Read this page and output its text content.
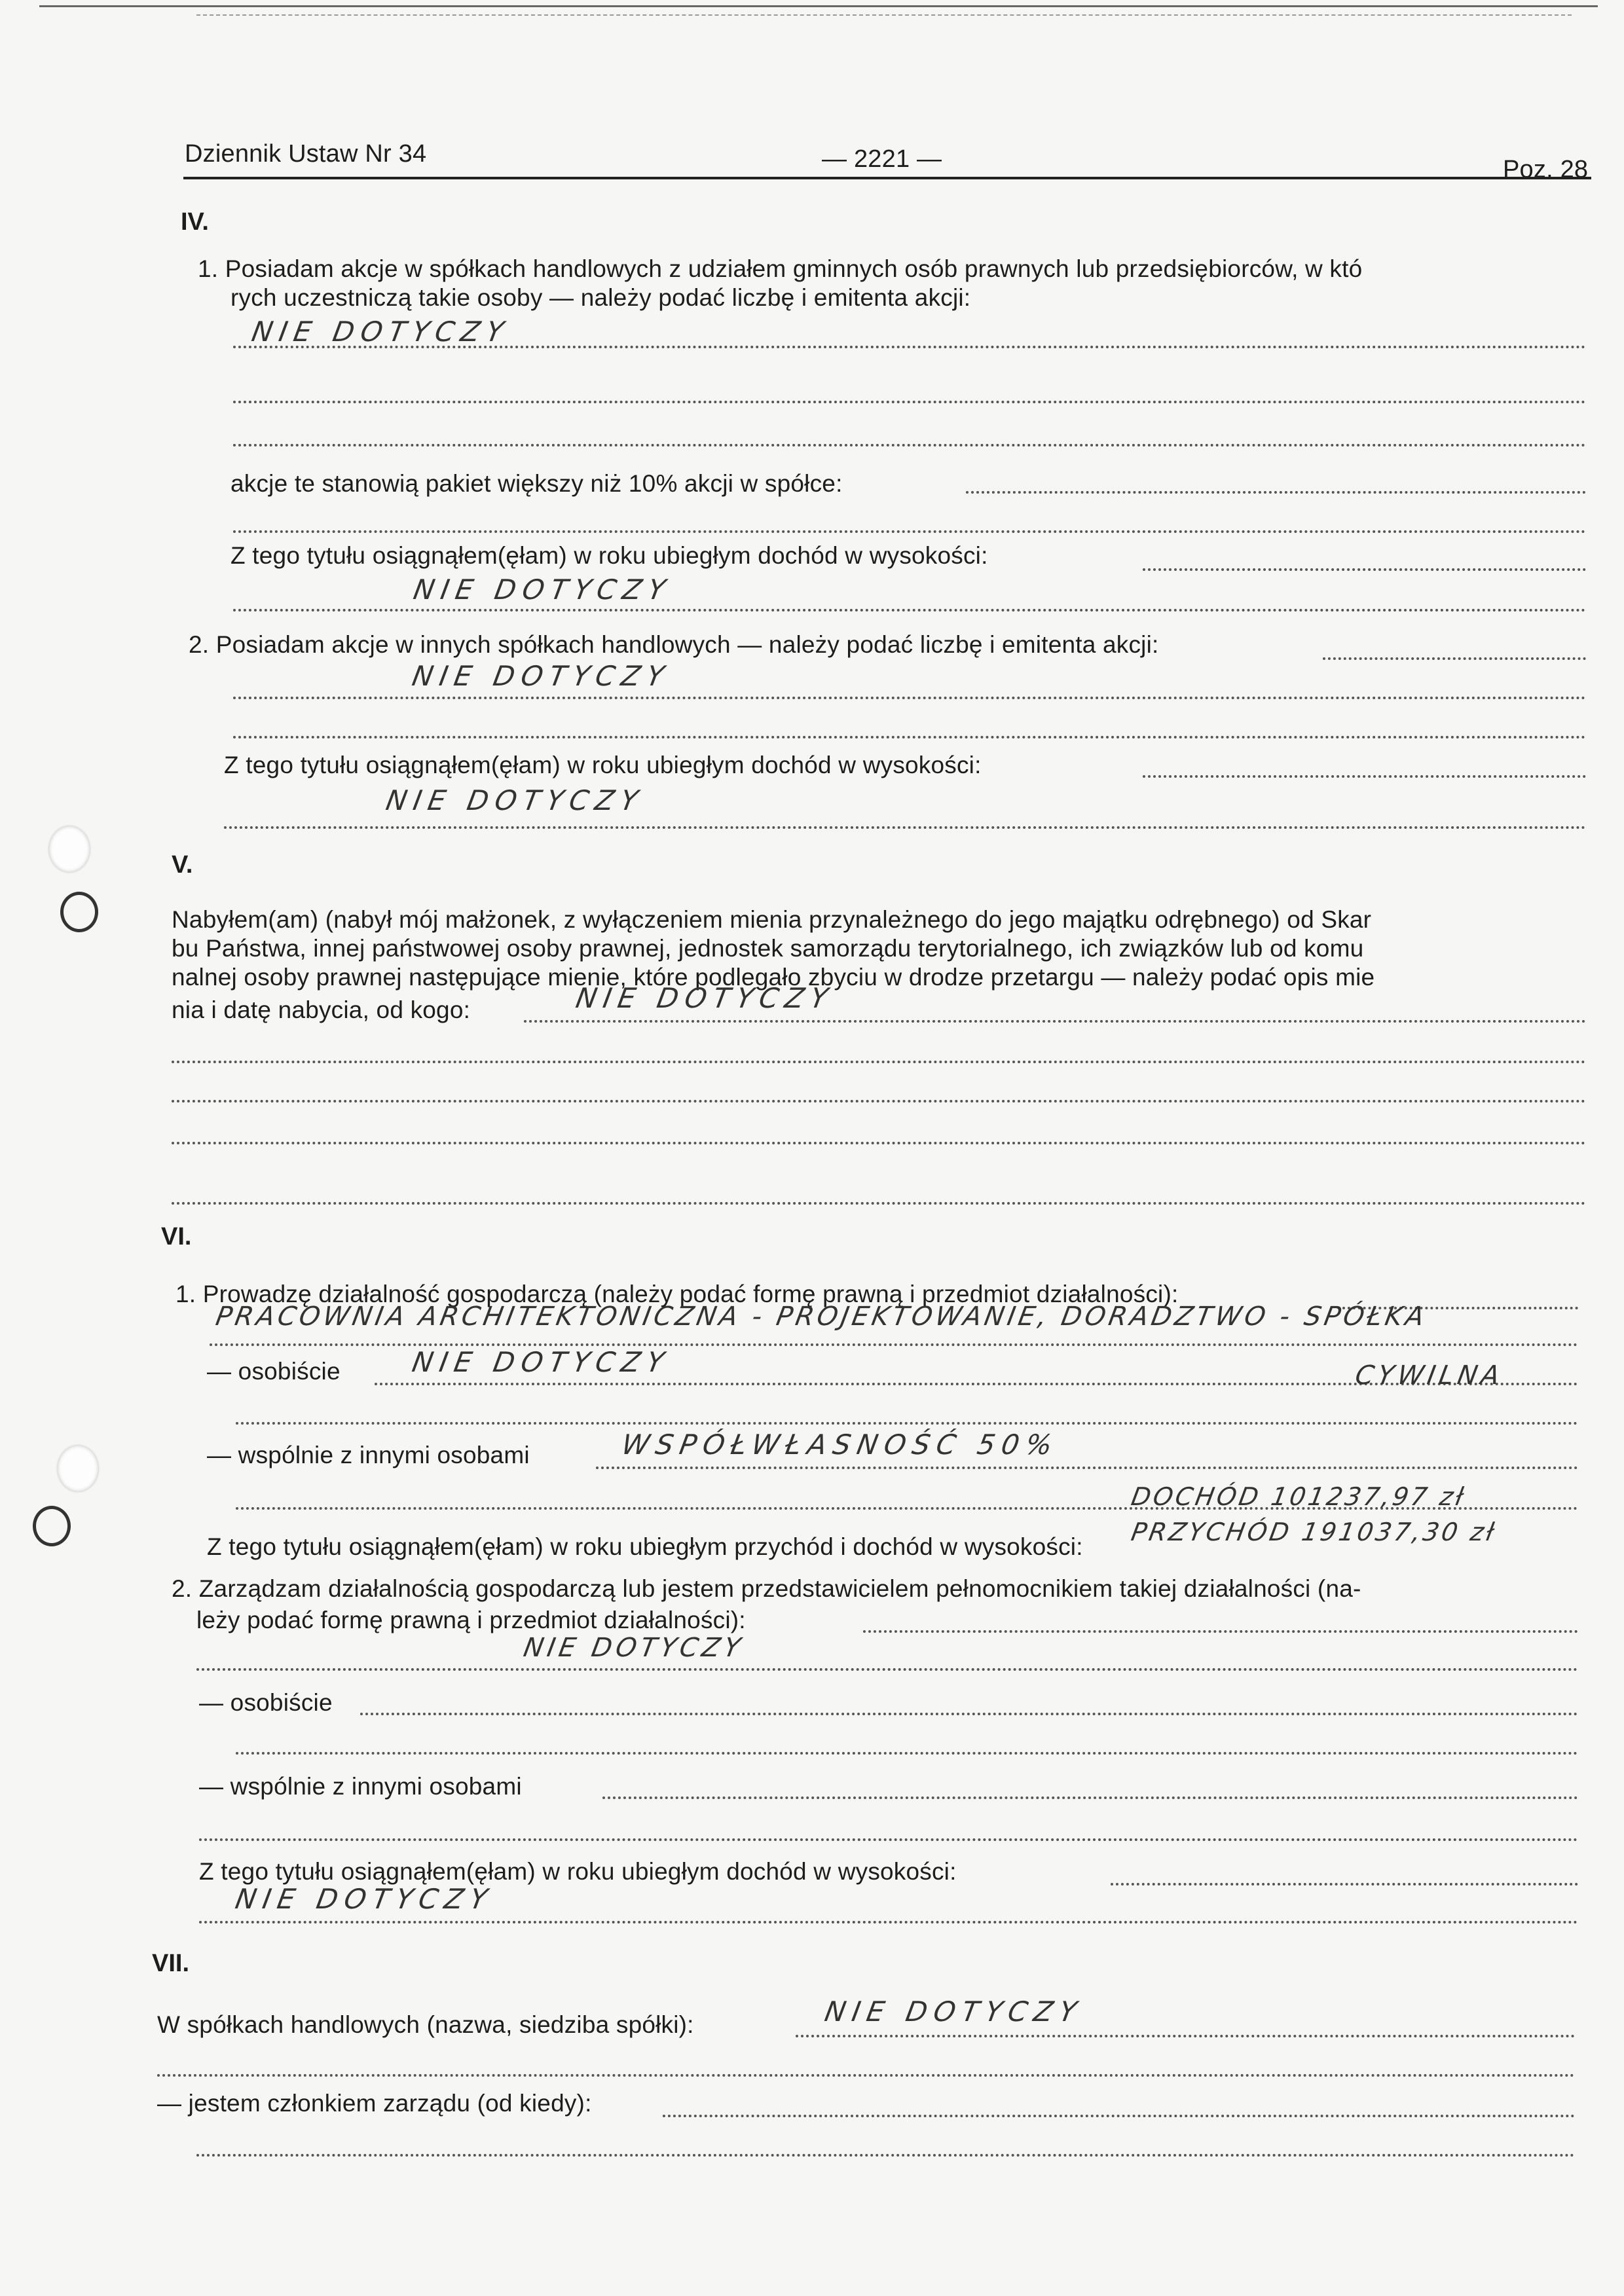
Dziennik Ustaw Nr 34	— 2221 —	Poz. 28
IV.
1. Posiadam akcje w spółkach handlowych z udziałem gminnych osób prawnych lub przedsiębiorców, w któ
rych uczestniczą takie osoby — należy podać liczbę i emitenta akcji:
NIE DOTYCZY
akcje te stanowią pakiet większy niż 10% akcji w spółce:
Z tego tytułu osiągnąłem(ęłam) w roku ubiegłym dochód w wysokości:
NIE DOTYCZY
2. Posiadam akcje w innych spółkach handlowych — należy podać liczbę i emitenta akcji:
NIE DOTYCZY
Z tego tytułu osiągnąłem(ęłam) w roku ubiegłym dochód w wysokości:
NIE DOTYCZY
V.
Nabyłem(am) (nabył mój małżonek, z wyłączeniem mienia przynależnego do jego majątku odrębnego) od Skar
bu Państwa, innej państwowej osoby prawnej, jednostek samorządu terytorialnego, ich związków lub od komu
nalnej osoby prawnej następujące mienie, które podlegało zbyciu w drodze przetargu — należy podać opis mie
nia i datę nabycia, od kogo:	NIE DOTYCZY
VI.
1. Prowadzę działalność gospodarczą (należy podać formę prawną i przedmiot działalności):
PRACOWNIA ARCHITEKTONICZNA - PROJEKTOWANIE, DORADZTWO - SPÓŁKA
— osobiście	NIE DOTYCZY	CYWILNA
— wspólnie z innymi osobami	WSPÓŁWŁASNOŚĆ 50%
DOCHÓD 101237,97 zł
Z tego tytułu osiągnąłem(ęłam) w roku ubiegłym przychód i dochód w wysokości:
PRZYCHÓD 191037,30 zł
2. Zarządzam działalnością gospodarczą lub jestem przedstawicielem pełnomocnikiem takiej działalności (na-
leży podać formę prawną i przedmiot działalności):
NIE DOTYCZY
— osobiście
— wspólnie z innymi osobami
Z tego tytułu osiągnąłem(ęłam) w roku ubiegłym dochód w wysokości:
NIE DOTYCZY
VII.
W spółkach handlowych (nazwa, siedziba spółki):	NIE DOTYCZY
— jestem członkiem zarządu (od kiedy):
